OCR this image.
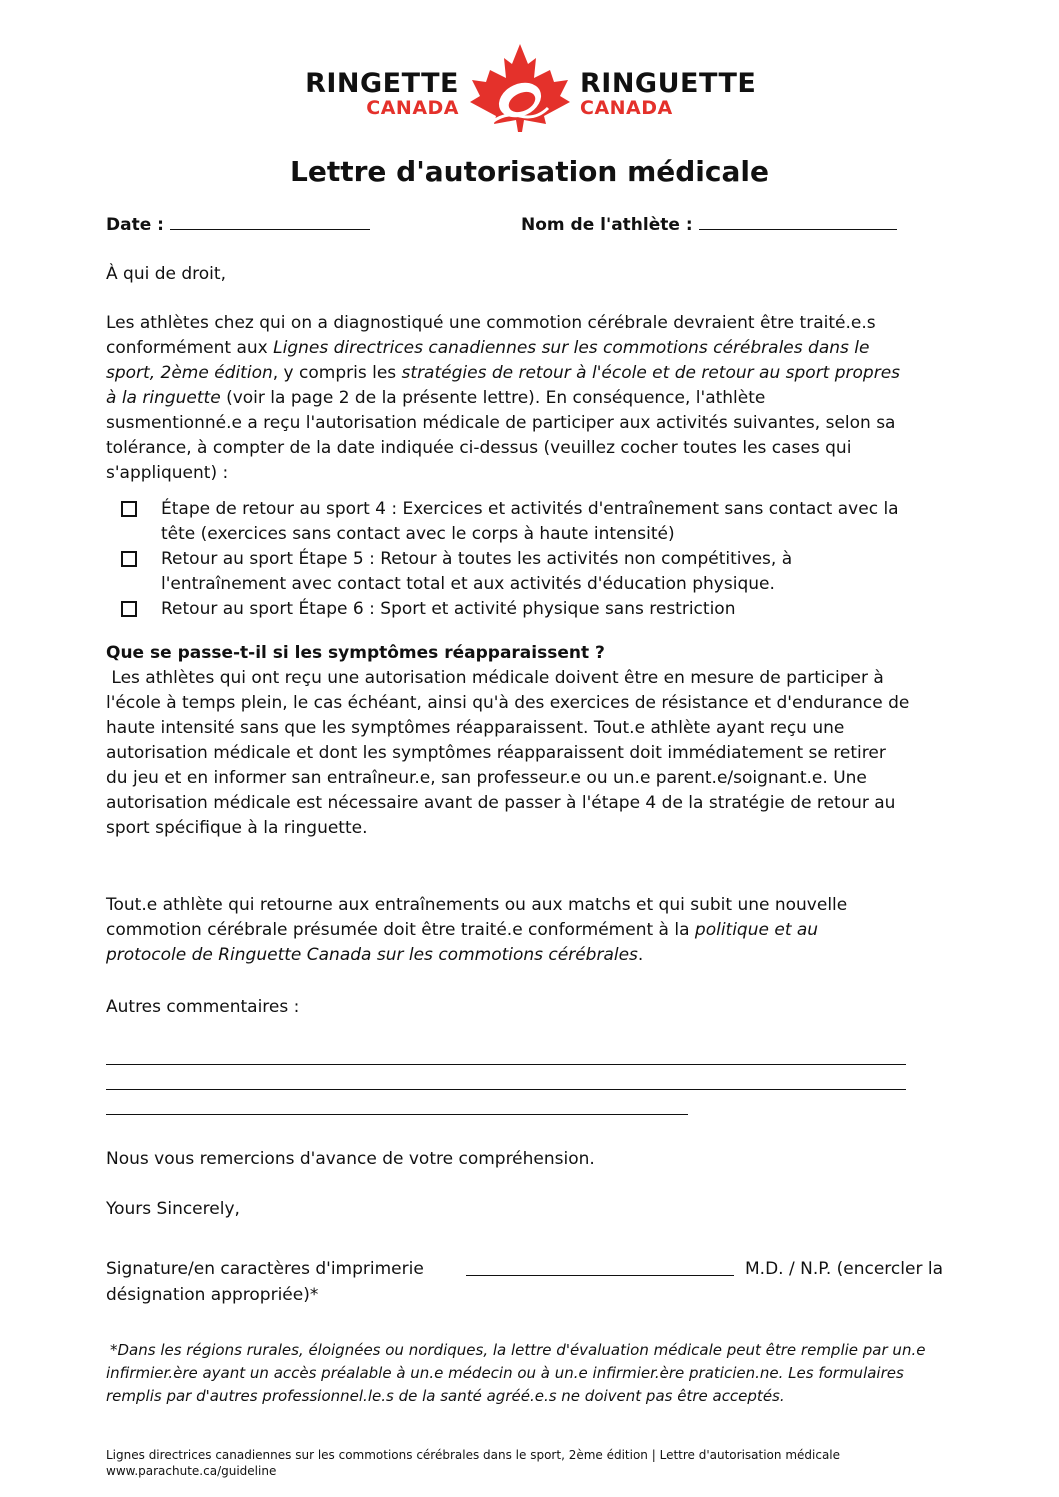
RINGETTE
CANADA
RINGUETTE
CANADA
Lettre d'autorisation médicale
Date :	Nom de l'athlète :
À qui de droit,

Les athlètes chez qui on a diagnostiqué une commotion cérébrale devraient être traité.e.s conformément aux Lignes directrices canadiennes sur les commotions cérébrales dans le sport, 2ème édition, y compris les stratégies de retour à l'école et de retour au sport propres à la ringuette (voir la page 2 de la présente lettre). En conséquence, l'athlète susmentionné.e a reçu l'autorisation médicale de participer aux activités suivantes, selon sa tolérance, à compter de la date indiquée ci-dessus (veuillez cocher toutes les cases qui s'appliquent) :

Étape de retour au sport 4 : Exercices et activités d'entraînement sans contact avec la tête (exercices sans contact avec le corps à haute intensité)

Retour au sport Étape 5 : Retour à toutes les activités non compétitives, à l'entraînement avec contact total et aux activités d'éducation physique.

Retour au sport Étape 6 : Sport et activité physique sans restriction

Que se passe-t-il si les symptômes réapparaissent ?

Les athlètes qui ont reçu une autorisation médicale doivent être en mesure de participer à l'école à temps plein, le cas échéant, ainsi qu'à des exercices de résistance et d'endurance de haute intensité sans que les symptômes réapparaissent. Tout.e athlète ayant reçu une autorisation médicale et dont les symptômes réapparaissent doit immédiatement se retirer du jeu et en informer san entraîneur.e, san professeur.e ou un.e parent.e/soignant.e. Une autorisation médicale est nécessaire avant de passer à l'étape 4 de la stratégie de retour au sport spécifique à la ringuette.

Tout.e athlète qui retourne aux entraînements ou aux matchs et qui subit une nouvelle commotion cérébrale présumée doit être traité.e conformément à la politique et au protocole de Ringuette Canada sur les commotions cérébrales.

Autres commentaires :

Nous vous remercions d'avance de votre compréhension.

Yours Sincerely,

Signature/en caractères d'imprimerie	M.D. / N.P. (encercler la

désignation appropriée)*

*Dans les régions rurales, éloignées ou nordiques, la lettre d'évaluation médicale peut être remplie par un.e infirmier.ère ayant un accès préalable à un.e médecin ou à un.e infirmier.ère praticien.ne. Les formulaires remplis par d'autres professionnel.le.s de la santé agréé.e.s ne doivent pas être acceptés.

Lignes directrices canadiennes sur les commotions cérébrales dans le sport, 2ème édition | Lettre d'autorisation médicale

www.parachute.ca/guideline
